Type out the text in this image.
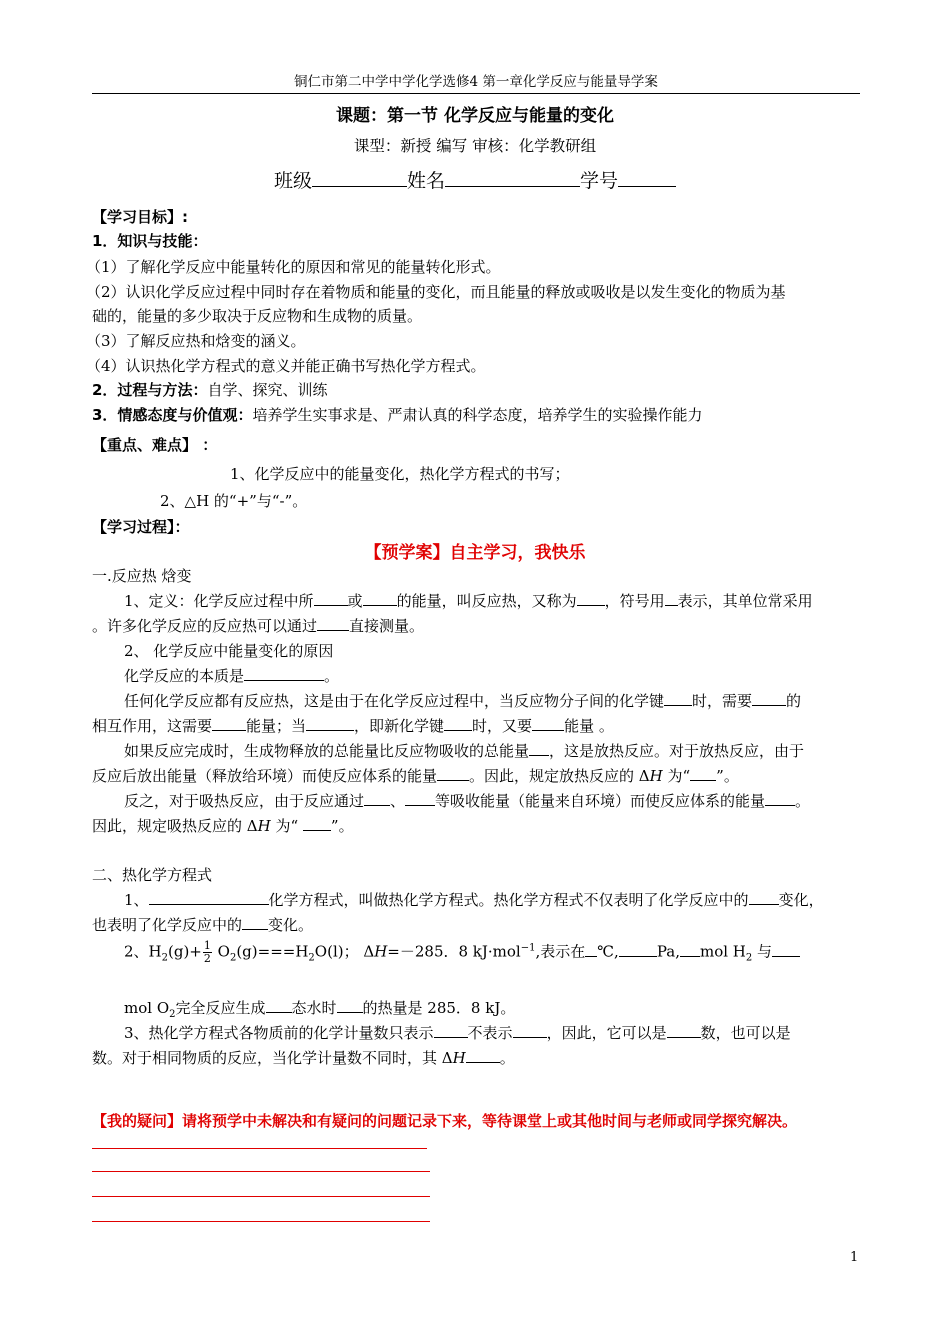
铜仁市第二中学中学化学选修4 第一章化学反应与能量导学案
课题：第一节 化学反应与能量的变化
课型：新授 编写 审核：化学教研组
班级	姓名	学号
【学习目标】:
1．知识与技能：
（1）了解化学反应中能量转化的原因和常见的能量转化形式。
（2）认识化学反应过程中同时存在着物质和能量的变化，而且能量的释放或吸收是以发生变化的物质为基
础的，能量的多少取决于反应物和生成物的质量。
（3）了解反应热和焓变的涵义。
（4）认识热化学方程式的意义并能正确书写热化学方程式。
2．过程与方法：自学、探究、训练
3．情感态度与价值观：培养学生实事求是、严肃认真的科学态度，培养学生的实验操作能力
【重点、难点】 ：
1、化学反应中的能量变化，热化学方程式的书写；
2、△H 的“+”与“-”。
【学习过程】：
【预学案】自主学习，我快乐
一.反应热 焓变
1、定义：化学反应过程中所 或 的能量，叫反应热，又称为 ，符号用 表示，其单位常采用
。许多化学反应的反应热可以通过 直接测量。
2、 化学反应中能量变化的原因
化学反应的本质是	。
任何化学反应都有反应热，这是由于在化学反应过程中，当反应物分子间的化学键 时，需要 的
相互作用，这需要 能量；当	，即新化学键 时，又要 能量 。
如果反应完成时，生成物释放的总能量比反应物吸收的总能量 ，这是放热反应。对于放热反应，由于
反应后放出能量（释放给环境）而使反应体系的能量 。因此，规定放热反应的 ΔH 为“ ”。
反之，对于吸热反应，由于反应通过 、 等吸收能量（能量来自环境）而使反应体系的能量 。
因此，规定吸热反应的 ΔH 为“ ”。
二、热化学方程式
1、	化学方程式，叫做热化学方程式。热化学方程式不仅表明了化学反应中的 变化，
也表明了化学反应中的 变化。
2、$H_2(g)+ \frac{1}{2} O_2(g)===H_2O(l)$； ΔH=－285．8 kJ·mol$^{-1}$,表示在 ℃,	Pa, mol $H_2$ 与
mol $O_2$完全反应生成 态水时 的热量是 285．8 kJ。
3、热化学方程式各物质前的化学计量数只表示 不表示 ，因此，它可以是 数，也可以是
数。对于相同物质的反应，当化学计量数不同时，其 ΔH 。
【我的疑问】请将预学中未解决和有疑问的问题记录下来，等待课堂上或其他时间与老师或同学探究解决。
1
